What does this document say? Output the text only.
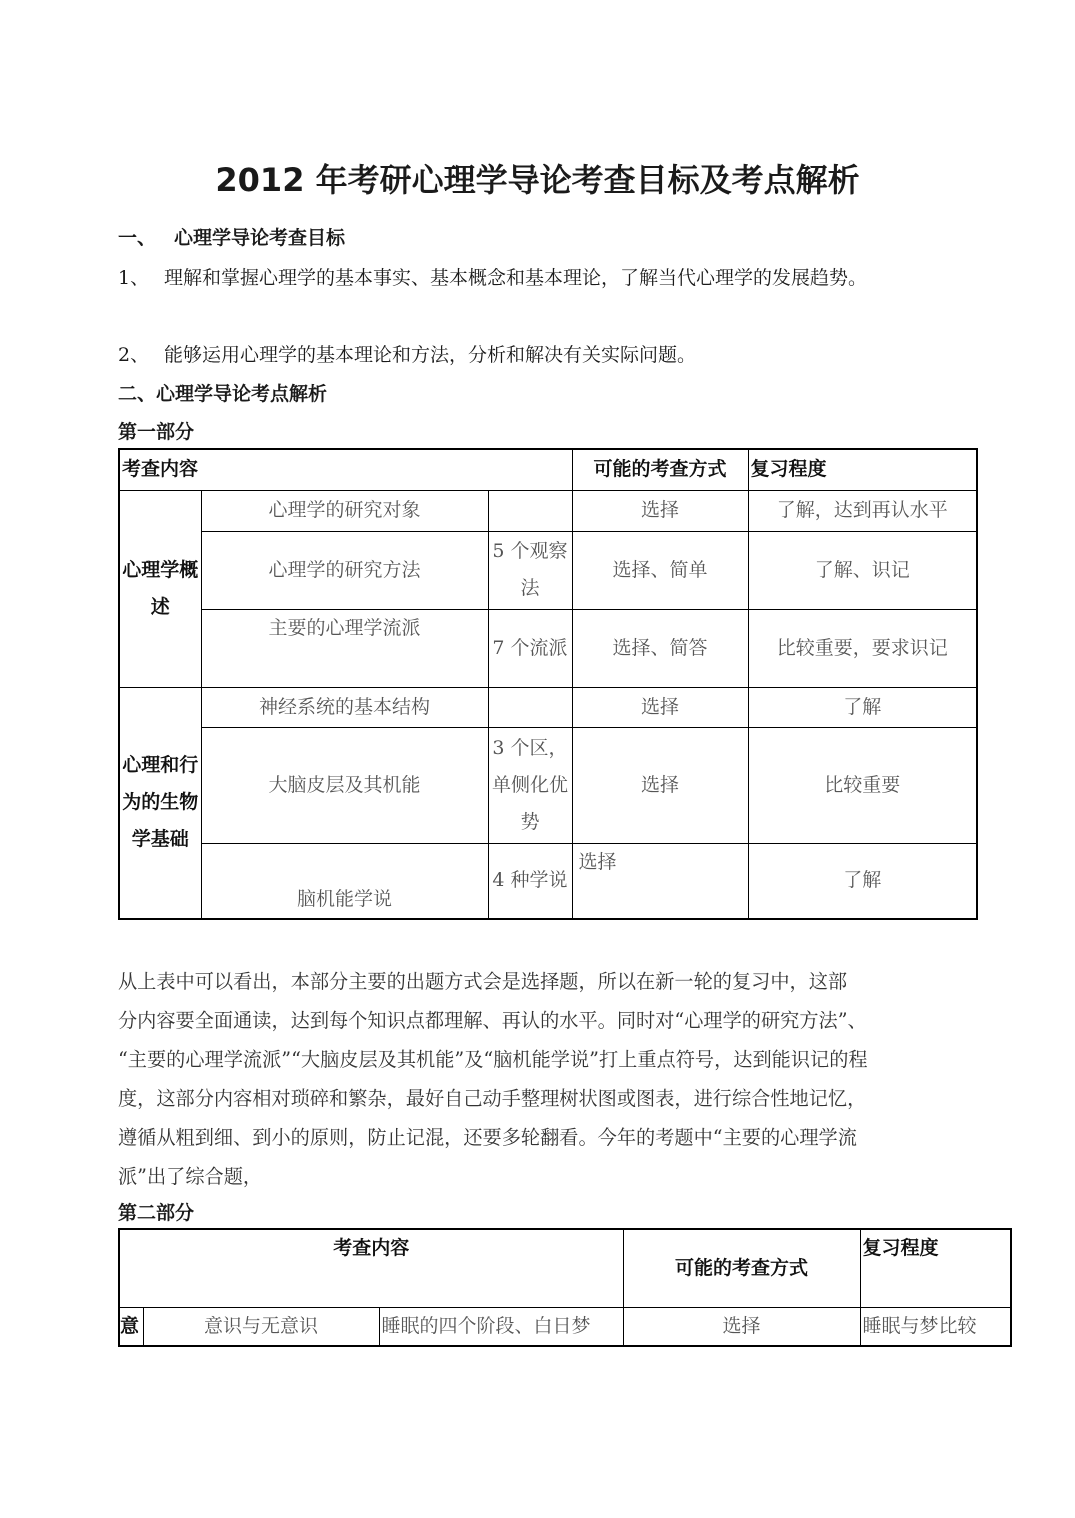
2012 年考研心理学导论考查目标及考点解析
一、 心理学导论考查目标
1、 理解和掌握心理学的基本事实、基本概念和基本理论，了解当代心理学的发展趋势。
2、 能够运用心理学的基本理论和方法，分析和解决有关实际问题。
二、心理学导论考点解析
第一部分
考查内容			可能的考查方式	复习程度
心理学概述	心理学的研究对象		选择	了解，达到再认水平
	心理学的研究方法	5 个观察法	选择、简单	了解、识记
	主要的心理学流派	7 个流派	选择、简答	比较重要，要求识记
心理和行为的生物学基础	神经系统的基本结构		选择	了解
	大脑皮层及其机能	3 个区，单侧化优势	选择	比较重要
	脑机能学说	4 种学说	选择	了解

从上表中可以看出，本部分主要的出题方式会是选择题，所以在新一轮的复习中，这部

分内容要全面通读，达到每个知识点都理解、再认的水平。同时对“心理学的研究方法”、

“主要的心理学流派”“大脑皮层及其机能”及“脑机能学说”打上重点符号，达到能识记的程

度，这部分内容相对琐碎和繁杂，最好自己动手整理树状图或图表，进行综合性地记忆，

遵循从粗到细、到小的原则，防止记混，还要多轮翻看。今年的考题中“主要的心理学流

派”出了综合题，

第二部分
考查内容			可能的考查方式	复习程度
意	意识与无意识	睡眠的四个阶段、白日梦	选择	睡眠与梦比较
